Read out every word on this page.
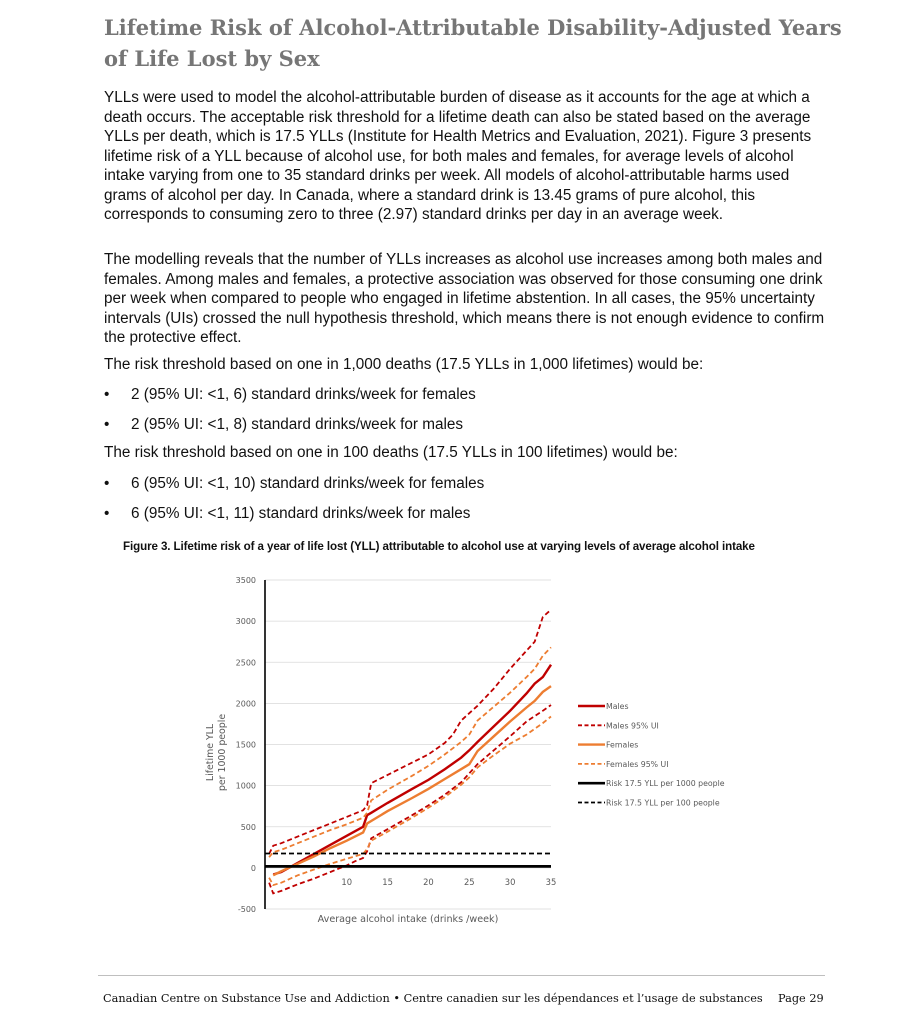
Lifetime Risk of Alcohol-Attributable Disability-Adjusted Years of Life Lost by Sex

YLLs were used to model the alcohol-attributable burden of disease as it accounts for the age at which a death occurs. The acceptable risk threshold for a lifetime death can also be stated based on the average YLLs per death, which is 17.5 YLLs (Institute for Health Metrics and Evaluation, 2021). Figure 3 presents lifetime risk of a YLL because of alcohol use, for both males and females, for average levels of alcohol intake varying from one to 35 standard drinks per week. All models of alcohol-attributable harms used grams of alcohol per day. In Canada, where a standard drink is 13.45 grams of pure alcohol, this corresponds to consuming zero to three (2.97) standard drinks per day in an average week.

The modelling reveals that the number of YLLs increases as alcohol use increases among both males and females. Among males and females, a protective association was observed for those consuming one drink per week when compared to people who engaged in lifetime abstention. In all cases, the 95% uncertainty intervals (UIs) crossed the null hypothesis threshold, which means there is not enough evidence to confirm the protective effect.

The risk threshold based on one in 1,000 deaths (17.5 YLLs in 1,000 lifetimes) would be:

• 2 (95% UI: <1, 6) standard drinks/week for females
• 2 (95% UI: <1, 8) standard drinks/week for males

The risk threshold based on one in 100 deaths (17.5 YLLs in 100 lifetimes) would be:

• 6 (95% UI: <1, 10) standard drinks/week for females
• 6 (95% UI: <1, 11) standard drinks/week for males

Figure 3. Lifetime risk of a year of life lost (YLL) attributable to alcohol use at varying levels of average alcohol intake

-500
0
500
1000
1500
2000
2500
3000
3500
10	15	20	25	30	35
Average alcohol intake (drinks /week)
Lifetime YLL per 1000 people
Males
Males 95% UI
Females
Females 95% UI
Risk 17.5 YLL per 1000 people
Risk 17.5 YLL per 100 people

Canadian Centre on Substance Use and Addiction • Centre canadien sur les dépendances et l’usage de substances Page 29
